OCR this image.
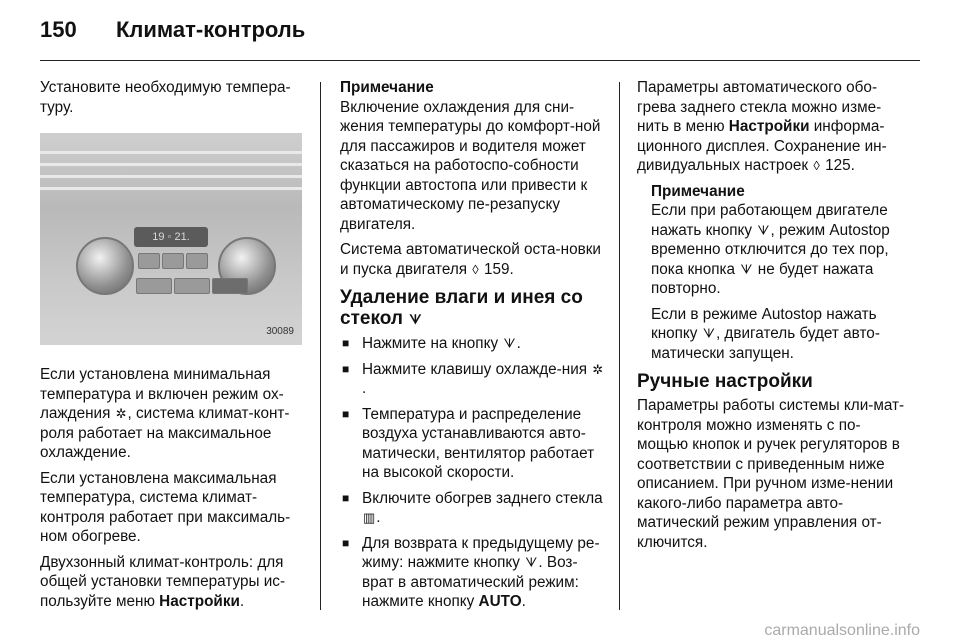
150 Климат-контроль

Установите необходимую темпера-туру.

19 ◦ 21.
30089

Если установлена минимальная температура и включен режим ох-лаждения ✲, система климат-конт-роля работает на максимальное охлаждение.

Если установлена максимальная температура, система климат-контроля работает при максималь-ном обогреве.

Двухзонный климат-контроль: для общей установки температуры ис-пользуйте меню Настройки.

Примечание

Включение охлаждения для сни-жения температуры до комфорт-ной для пассажиров и водителя может сказаться на работоспо-собности функции автостопа или привести к автоматическому пе-резапуску двигателя.

Система автоматической оста-новки и пуска двигателя ◊ 159.

Удаление влаги и инея со стекол ᗐ
■ Нажмите на кнопку ᗐ.
■ Нажмите клавишу охлажде-ния ✲.
■ Температура и распределение воздуха устанавливаются авто-матически, вентилятор работает на высокой скорости.
■ Включите обогрев заднего стекла ▥.
■ Для возврата к предыдущему ре-жиму: нажмите кнопку ᗐ. Воз-врат в автоматический режим: нажмите кнопку AUTO.

Параметры автоматического обо-грева заднего стекла можно изме-нить в меню Настройки информа-ционного дисплея. Сохранение ин-дивидуальных настроек ◊ 125.

Примечание

Если при работающем двигателе нажать кнопку ᗐ, режим Autostop временно отключится до тех пор, пока кнопка ᗐ не будет нажата повторно.

Если в режиме Autostop нажать кнопку ᗐ, двигатель будет авто-матически запущен.

Ручные настройки

Параметры работы системы кли-мат-контроля можно изменять с по-мощью кнопок и ручек регуляторов в соответствии с приведенным ниже описанием. При ручном изме-нении какого-либо параметра авто-матический режим управления от-ключится.

carmanualsonline.info
